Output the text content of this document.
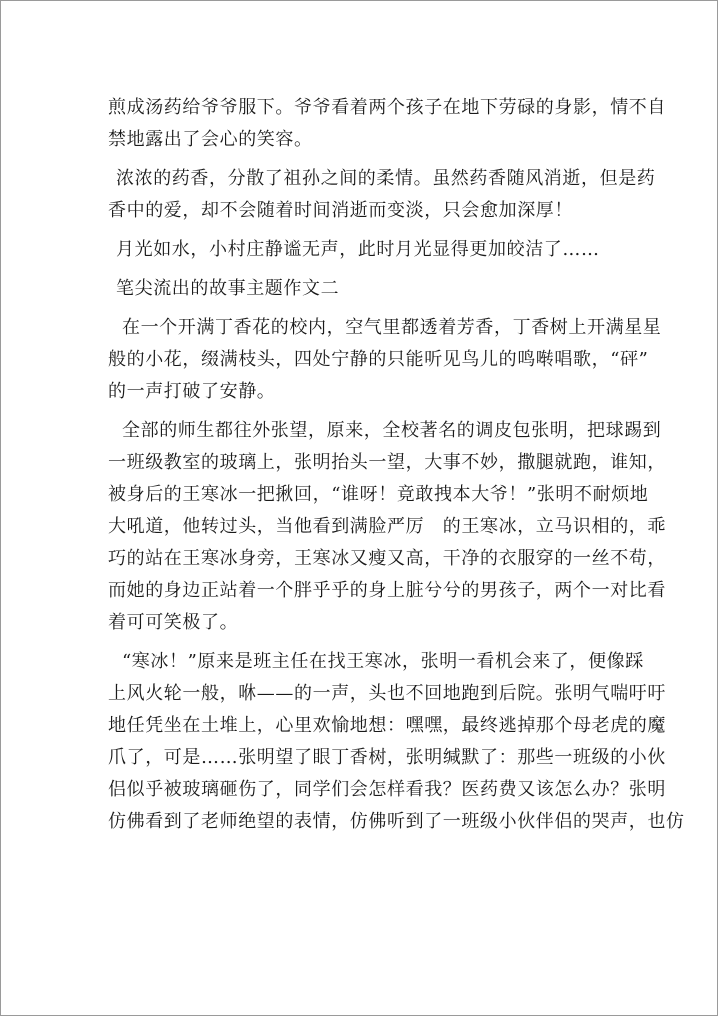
煎成汤药给爷爷服下。爷爷看着两个孩子在地下劳碌的身影，情不自
禁地露出了会心的笑容。
浓浓的药香，分散了祖孙之间的柔情。虽然药香随风消逝，但是药
香中的爱，却不会随着时间消逝而变淡，只会愈加深厚！
月光如水，小村庄静谧无声，此时月光显得更加皎洁了……
笔尖流出的故事主题作文二
在一个开满丁香花的校内，空气里都透着芳香，丁香树上开满星星
般的小花，缀满枝头，四处宁静的只能听见鸟儿的鸣啭唱歌，“砰”
的一声打破了安静。
全部的师生都往外张望，原来，全校著名的调皮包张明，把球踢到
一班级教室的玻璃上，张明抬头一望，大事不妙，撒腿就跑，谁知，
被身后的王寒冰一把揪回，“谁呀！竟敢拽本大爷！”张明不耐烦地
大吼道，他转过头，当他看到满脸严厉　的王寒冰，立马识相的，乖
巧的站在王寒冰身旁，王寒冰又瘦又高，干净的衣服穿的一丝不苟，
而她的身边正站着一个胖乎乎的身上脏兮兮的男孩子，两个一对比看
着可可笑极了。
“寒冰！”原来是班主任在找王寒冰，张明一看机会来了，便像踩
上风火轮一般，咻——的一声，头也不回地跑到后院。张明气喘吁吁
地任凭坐在土堆上，心里欢愉地想：嘿嘿，最终逃掉那个母老虎的魔
爪了，可是……张明望了眼丁香树，张明缄默了：那些一班级的小伙
侣似乎被玻璃砸伤了，同学们会怎样看我？医药费又该怎么办？张明
仿佛看到了老师绝望的表情，仿佛听到了一班级小伙伴侣的哭声，也仿
